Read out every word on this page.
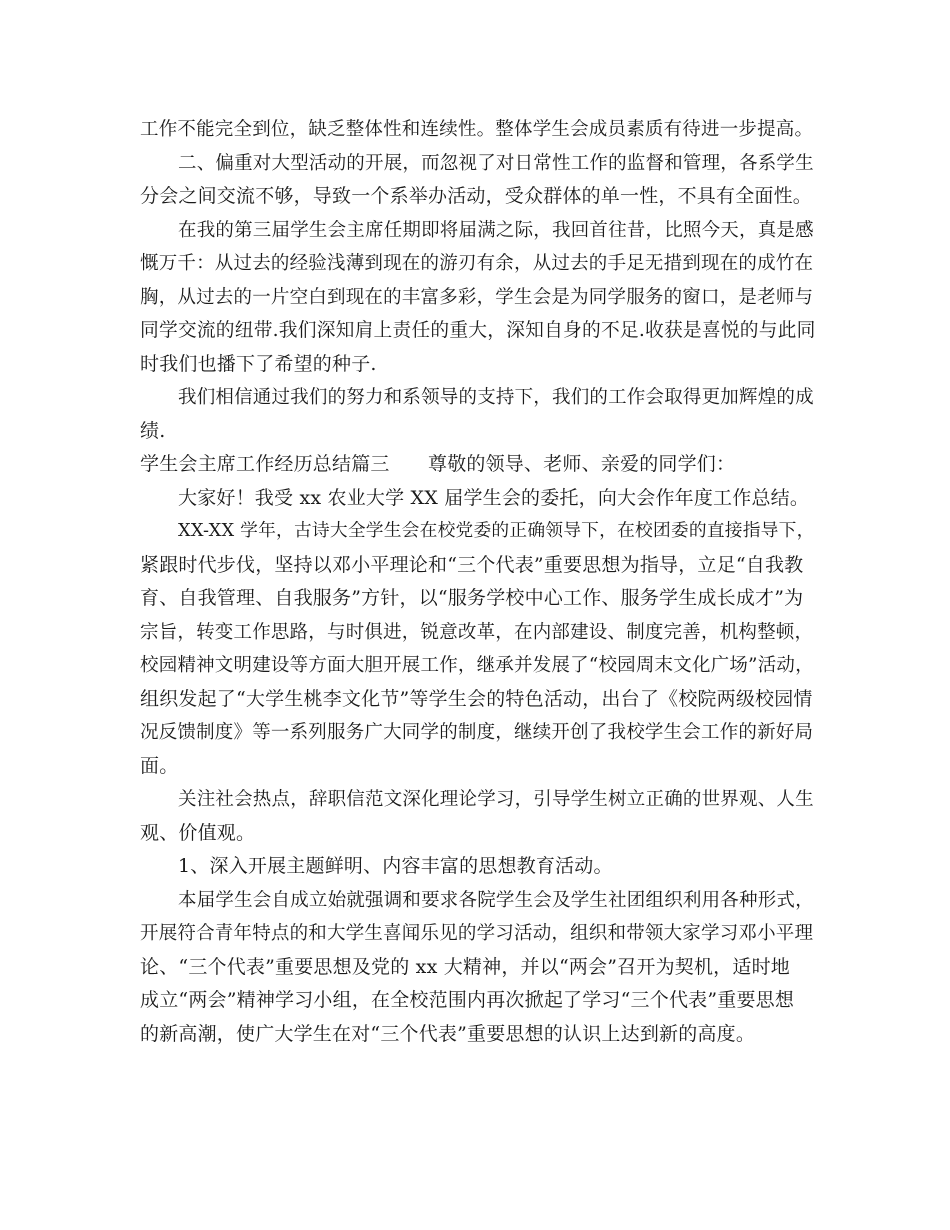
工作不能完全到位，缺乏整体性和连续性。整体学生会成员素质有待进一步提高。
二、偏重对大型活动的开展，而忽视了对日常性工作的监督和管理，各系学生
分会之间交流不够，导致一个系举办活动，受众群体的单一性，不具有全面性。
在我的第三届学生会主席任期即将届满之际，我回首往昔，比照今天，真是感
慨万千：从过去的经验浅薄到现在的游刃有余，从过去的手足无措到现在的成竹在
胸，从过去的一片空白到现在的丰富多彩，学生会是为同学服务的窗口，是老师与
同学交流的纽带.我们深知肩上责任的重大，深知自身的不足.收获是喜悦的与此同
时我们也播下了希望的种子.
我们相信通过我们的努力和系领导的支持下，我们的工作会取得更加辉煌的成
绩.
学生会主席工作经历总结篇三　　尊敬的领导、老师、亲爱的同学们：
大家好！我受 xx 农业大学 XX 届学生会的委托，向大会作年度工作总结。
XX-XX 学年，古诗大全学生会在校党委的正确领导下，在校团委的直接指导下，
紧跟时代步伐，坚持以邓小平理论和“三个代表”重要思想为指导，立足“自我教
育、自我管理、自我服务”方针，以“服务学校中心工作、服务学生成长成才”为
宗旨，转变工作思路，与时俱进，锐意改革，在内部建设、制度完善，机构整顿，
校园精神文明建设等方面大胆开展工作，继承并发展了“校园周末文化广场”活动，
组织发起了“大学生桃李文化节”等学生会的特色活动，出台了《校院两级校园情
况反馈制度》等一系列服务广大同学的制度，继续开创了我校学生会工作的新好局
面。
关注社会热点，辞职信范文深化理论学习，引导学生树立正确的世界观、人生
观、价值观。
1、深入开展主题鲜明、内容丰富的思想教育活动。
本届学生会自成立始就强调和要求各院学生会及学生社团组织利用各种形式，
开展符合青年特点的和大学生喜闻乐见的学习活动，组织和带领大家学习邓小平理
论、“三个代表”重要思想及党的 xx 大精神，并以“两会”召开为契机，适时地
成立“两会”精神学习小组，在全校范围内再次掀起了学习“三个代表”重要思想
的新高潮，使广大学生在对“三个代表”重要思想的认识上达到新的高度。
